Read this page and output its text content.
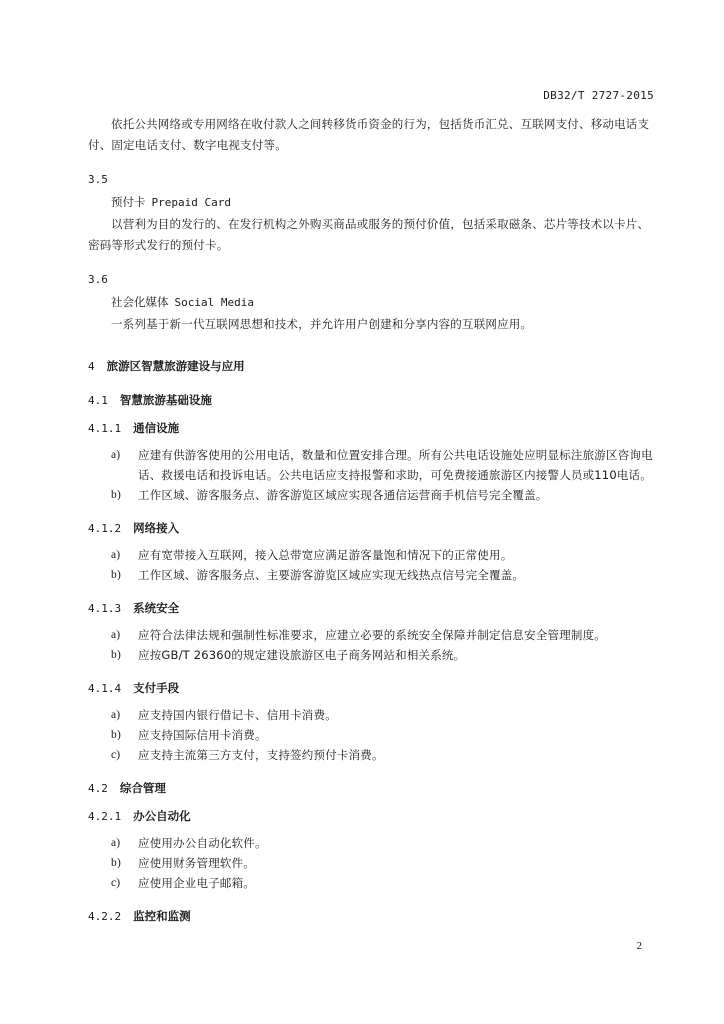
DB32/T 2727-2015

依托公共网络或专用网络在收付款人之间转移货币资金的行为，包括货币汇兑、互联网支付、移动电话支付、固定电话支付、数字电视支付等。

3.5
预付卡 Prepaid Card

以营利为目的发行的、在发行机构之外购买商品或服务的预付价值，包括采取磁条、芯片等技术以卡片、密码等形式发行的预付卡。

3.6
社会化媒体 Social Media

一系列基于新一代互联网思想和技术，并允许用户创建和分享内容的互联网应用。

4 旅游区智慧旅游建设与应用
4.1 智慧旅游基础设施
4.1.1 通信设施
a) 应建有供游客使用的公用电话，数量和位置安排合理。所有公共电话设施处应明显标注旅游区咨询电话、救援电话和投诉电话。公共电话应支持报警和求助，可免费接通旅游区内接警人员或110电话。
b) 工作区域、游客服务点、游客游览区域应实现各通信运营商手机信号完全覆盖。
4.1.2 网络接入
a) 应有宽带接入互联网，接入总带宽应满足游客量饱和情况下的正常使用。
b) 工作区域、游客服务点、主要游客游览区域应实现无线热点信号完全覆盖。
4.1.3 系统安全
a) 应符合法律法规和强制性标准要求，应建立必要的系统安全保障并制定信息安全管理制度。
b) 应按GB/T 26360的规定建设旅游区电子商务网站和相关系统。
4.1.4 支付手段
a) 应支持国内银行借记卡、信用卡消费。
b) 应支持国际信用卡消费。
c) 应支持主流第三方支付，支持签约预付卡消费。
4.2 综合管理
4.2.1 办公自动化
a) 应使用办公自动化软件。
b) 应使用财务管理软件。
c) 应使用企业电子邮箱。
4.2.2 监控和监测
2
